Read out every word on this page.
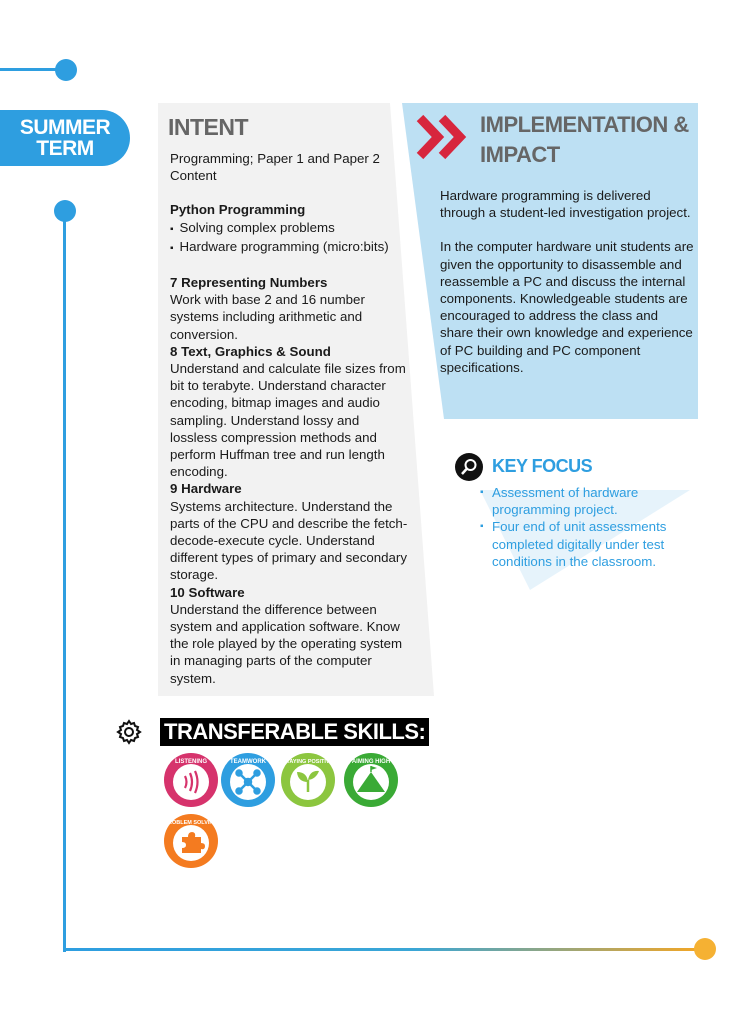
SUMMER
TERM
INTENT

Programming; Paper 1 and Paper 2 Content

Python Programming

▪ Solving complex problems
▪ Hardware programming (micro:bits)

7 Representing Numbers

Work with base 2 and 16 number systems including arithmetic and conversion.

8 Text, Graphics & Sound

Understand and calculate file sizes from bit to terabyte. Understand character encoding, bitmap images and audio sampling. Understand lossy and lossless compression methods and perform Huffman tree and run length encoding.

9 Hardware

Systems architecture. Understand the parts of the CPU and describe the fetch-decode-execute cycle. Understand different types of primary and secondary storage.

10 Software

Understand the difference between system and application software. Know the role played by the operating system in managing parts of the computer system.

IMPLEMENTATION & IMPACT

Hardware programming is delivered through a student-led investigation project.

In the computer hardware unit students are given the opportunity to disassemble and reassemble a PC and discuss the internal components. Knowledgeable students are encouraged to address the class and share their own knowledge and experience of PC building and PC component specifications.

KEY FOCUS
▪ Assessment of hardware programming project.
▪ Four end of unit assessments completed digitally under test conditions in the classroom.
TRANSFERABLE SKILLS:
LISTENING	TEAMWORK	STAYING POSITIVE	AIMING HIGH
PROBLEM SOLVING
